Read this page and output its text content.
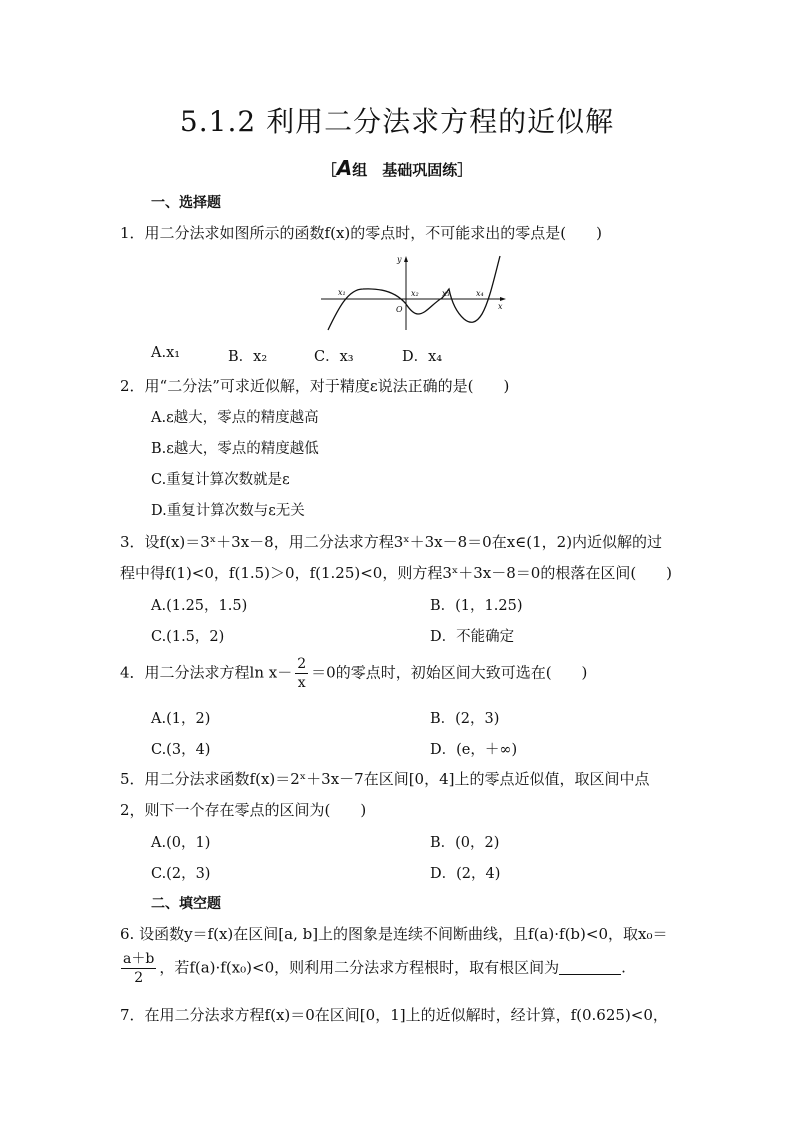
5.1.2 利用二分法求方程的近似解
［A组　基础巩固练］
一、选择题
1．用二分法求如图所示的函数f(x)的零点时，不可能求出的零点是(　　)
x₁	x₂	x₃	x₄
O	x
y
A.x₁	B．x₂	C．x₃	D．x₄
2．用“二分法”可求近似解，对于精度ε说法正确的是(　　)
A.ε越大，零点的精度越高
B.ε越大，零点的精度越低
C.重复计算次数就是ε
D.重复计算次数与ε无关
3．设f(x)＝3ˣ＋3x－8，用二分法求方程3ˣ＋3x－8＝0在x∈(1，2)内近似解的过
程中得f(1)<0，f(1.5)＞0，f(1.25)<0，则方程3ˣ＋3x－8＝0的根落在区间(　　)
A.(1.25，1.5)	B．(1，1.25)
C.(1.5，2)	D．不能确定
4．用二分法求方程$\ln x- \frac{2}{x} =0$的零点时，初始区间大致可选在(　　)
A.(1，2)	B．(2，3)
C.(3，4)	D．(e，＋∞)
5．用二分法求函数f(x)＝2ˣ＋3x－7在区间[0，4]上的零点近似值，取区间中点
2，则下一个存在零点的区间为(　　)
A.(0，1)	B．(0，2)
C.(2，3)	D．(2，4)
二、填空题
6. 设函数y＝f(x)在区间[a, b]上的图象是连续不间断曲线，且f(a)·f(b)<0，取x₀＝
$\frac{a+b}{2}$ ，若f(a)·f(x₀)<0，则利用二分法求方程根时，取有根区间为	.
7．在用二分法求方程f(x)＝0在区间[0，1]上的近似解时，经计算，f(0.625)<0，
